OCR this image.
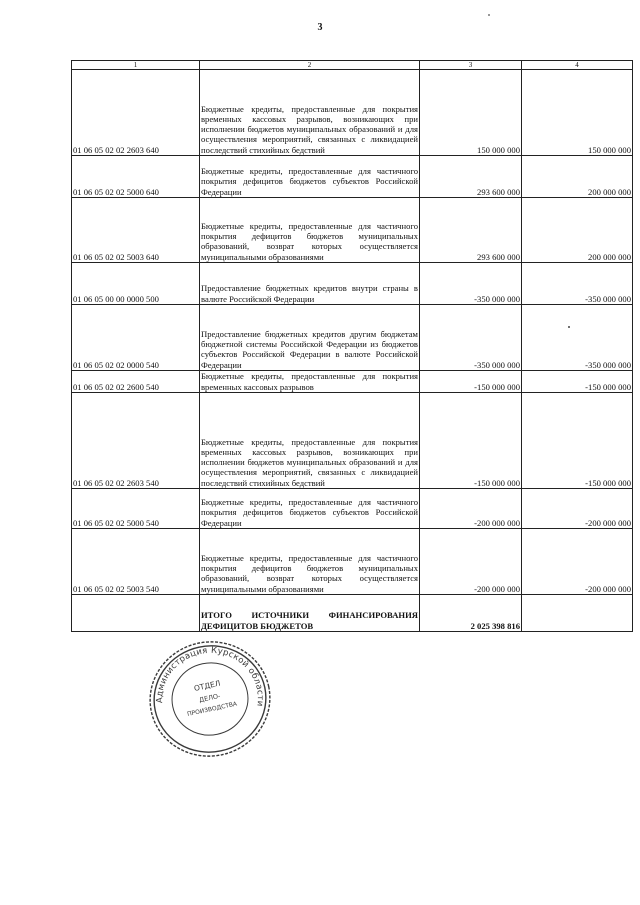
3
1	2	3	4
01 06 05 02 02 2603 640	Бюджетные кредиты, предоставленные для покрытия временных кассовых разрывов, возникающих при исполнении бюджетов муниципальных образований и для осуществления мероприятий, связанных с ликвидацией последствий стихийных бедствий	150 000 000	150 000 000
01 06 05 02 02 5000 640	Бюджетные кредиты, предоставленные для частичного покрытия дефицитов бюджетов субъектов Российской Федерации	293 600 000	200 000 000
01 06 05 02 02 5003 640	Бюджетные кредиты, предоставленные для частичного покрытия дефицитов бюджетов муниципальных образований, возврат которых осуществляется муниципальными образованиями	293 600 000	200 000 000
01 06 05 00 00 0000 500	Предоставление бюджетных кредитов внутри страны в валюте Российской Федерации	-350 000 000	-350 000 000
01 06 05 02 02 0000 540	Предоставление бюджетных кредитов другим бюджетам бюджетной системы Российской Федерации из бюджетов субъектов Российской Федерации в валюте Российской Федерации	-350 000 000	-350 000 000
01 06 05 02 02 2600 540	Бюджетные кредиты, предоставленные для покрытия временных кассовых разрывов	-150 000 000	-150 000 000
01 06 05 02 02 2603 540	Бюджетные кредиты, предоставленные для покрытия временных кассовых разрывов, возникающих при исполнении бюджетов муниципальных образований и для осуществления мероприятий, связанных с ликвидацией последствий стихийных бедствий	-150 000 000	-150 000 000
01 06 05 02 02 5000 540	Бюджетные кредиты, предоставленные для частичного покрытия дефицитов бюджетов субъектов Российской Федерации	-200 000 000	-200 000 000
01 06 05 02 02 5003 540	Бюджетные кредиты, предоставленные для частичного покрытия дефицитов бюджетов муниципальных образований, возврат которых осуществляется муниципальными образованиями	-200 000 000	-200 000 000
	ИТОГО ИСТОЧНИКИ ФИНАНСИРОВАНИЯ ДЕФИЦИТОВ БЮДЖЕТОВ	2 025 398 816	
Администрация Курской области
ОТДЕЛ
ДЕЛО-
ПРОИЗВОДСТВА
